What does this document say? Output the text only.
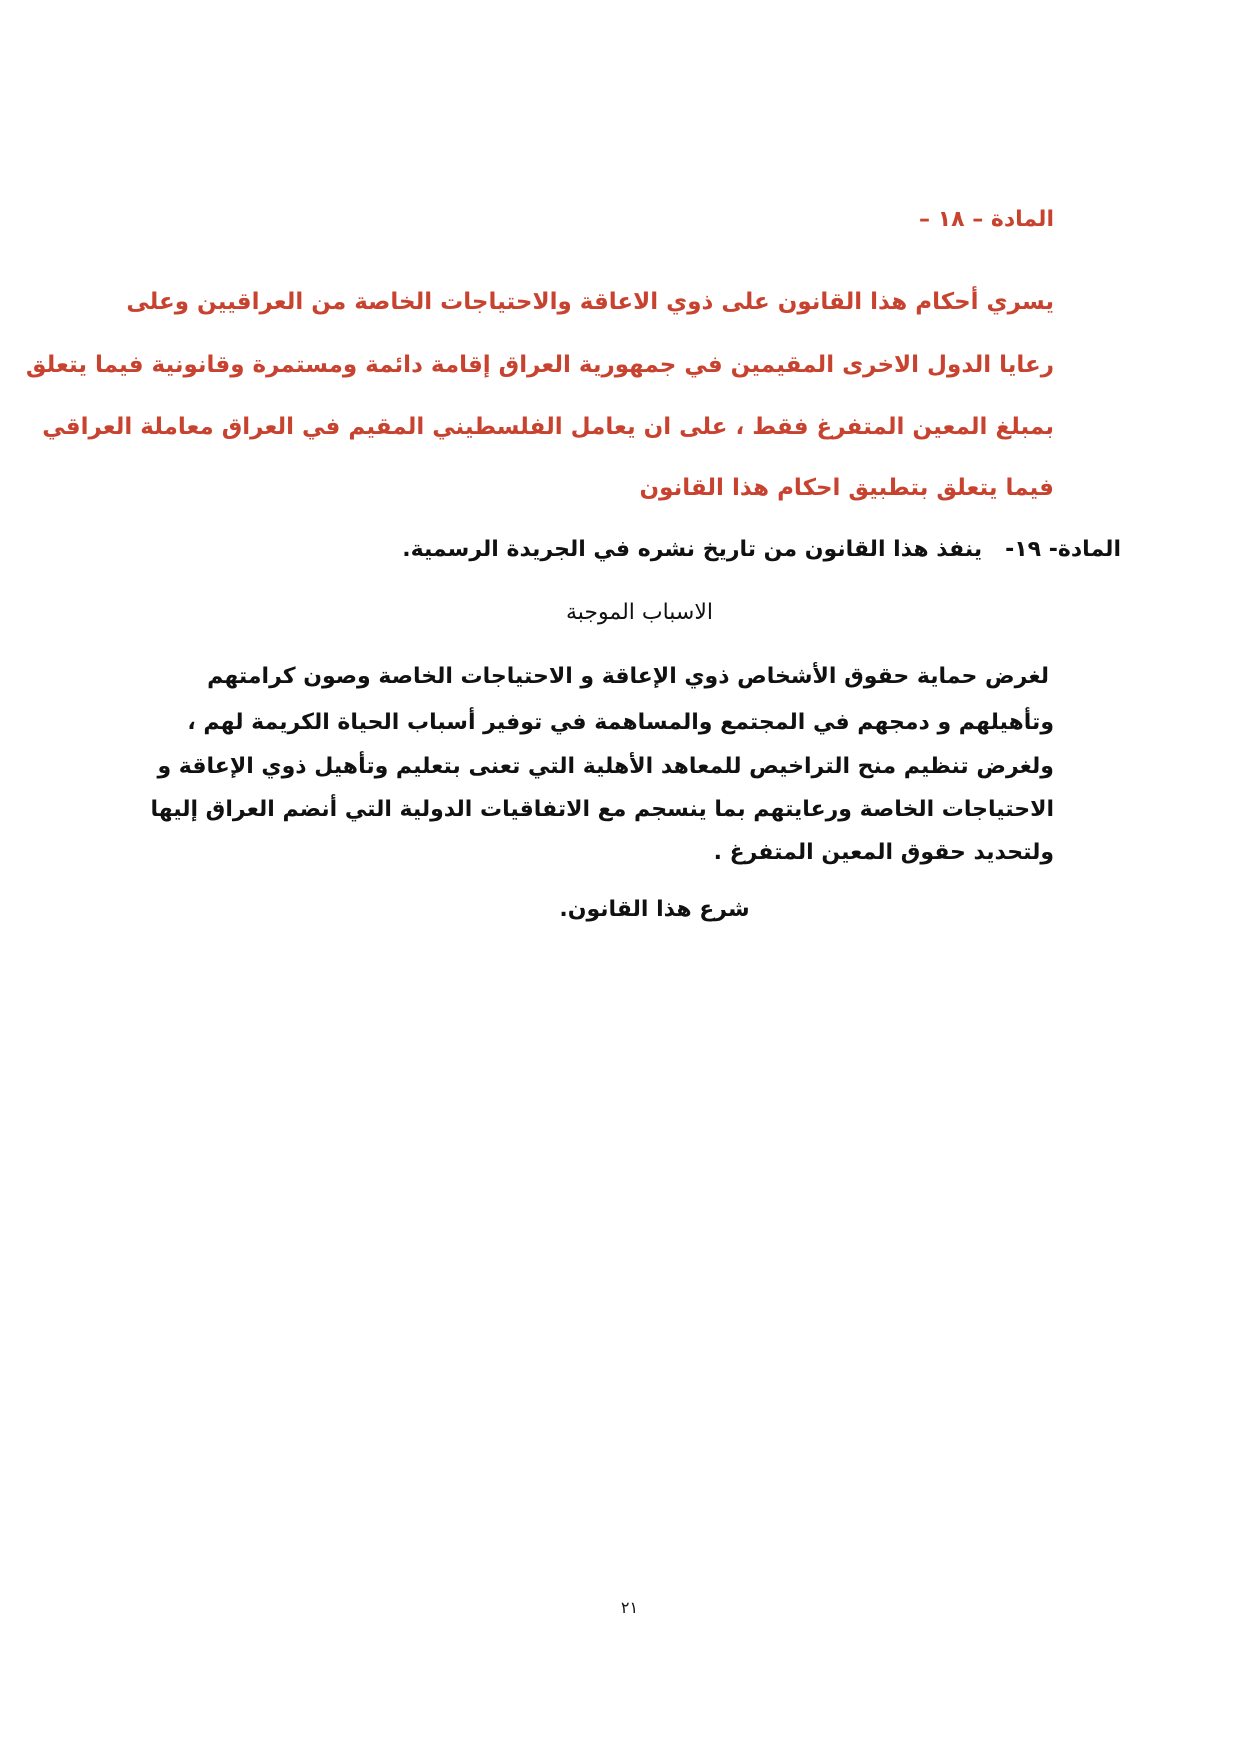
المادة – ١٨ –
يسري أحكام هذا القانون على ذوي الاعاقة والاحتياجات الخاصة من العراقيين وعلى
رعايا الدول الاخرى المقيمين في جمهورية العراق إقامة دائمة ومستمرة وقانونية فيما يتعلق
بمبلغ المعين المتفرغ فقط ، على ان يعامل الفلسطيني المقيم في العراق معاملة العراقي
فيما يتعلق بتطبيق احكام هذا القانون
المادة- ١٩-   ينفذ هذا القانون من تاريخ نشره في الجريدة الرسمية.
الاسباب الموجبة
لغرض حماية حقوق الأشخاص ذوي الإعاقة و الاحتياجات الخاصة وصون كرامتهم
وتأهيلهم و دمجهم في المجتمع والمساهمة في توفير أسباب الحياة الكريمة لهم ،
ولغرض تنظيم منح التراخيص للمعاهد الأهلية التي تعنى بتعليم وتأهيل ذوي الإعاقة و
الاحتياجات الخاصة ورعايتهم بما ينسجم مع الاتفاقيات الدولية التي أنضم العراق إليها
ولتحديد حقوق المعين المتفرغ .
شرع هذا القانون.
٢١
